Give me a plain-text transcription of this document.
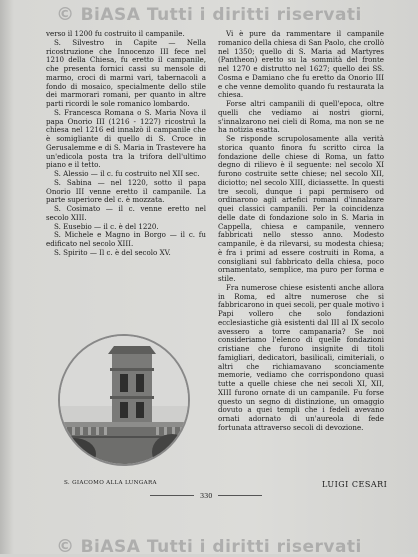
© BiASA Tutti i diritti riservati

verso il 1200 fu costruito il campanile.

S. Silvestro in Capite — Nella ricostruzione che Innocenzo III fece nel 1210 della Chiesa, fu eretto il campanile, che presenta fornici cassi su mensole di marmo, croci di marmi vari, tabernacoli a fondo di mosaico, specialmente dello stile dei marmorari romani, per quanto in altre parti ricordi le sole romanico lombardo.

S. Francesca Romana o S. Maria Nova il papa Onorio III (1216 - 1227) ricostruì la chiesa nel 1216 ed innalzò il campanile che è somigliante di quello di S. Croce in Gerusalemme e di S. Maria in Trastevere ha un'edicola posta tra la trifora dell'ultimo piano e il tetto.

S. Alessio — il c. fu costruito nel XII sec.

S. Sabina — nel 1220, sotto il papa Onorio III venne eretto il campanile. La parte superiore del c. è mozzata.

S. Cosimato — il c. venne eretto nel secolo XIII.

S. Eusebio — il c. è del 1220.

S. Michele e Magno in Borgo — il c. fu edificato nel secolo XIII.

S. Spirito — Il c. è del secolo XV.

Vi è pure da rammentare il campanile romanico della chiesa di San Paolo, che crollò nel 1350; quello di S. Maria ad Martyres (Pantheon) eretto su la sommità del fronte nel 1270 e distrutto nel 1627; quello dei SS. Cosma e Damiano che fu eretto da Onorio III e che venne demolito quando fu restaurata la chiesa.

Forse altri campanili di quell'epoca, oltre quelli che vediamo ai nostri giorni, s'innalzarono nei cieli di Roma, ma non se ne ha notizia esatta.

Se risponde scrupolosamente alla verità storica quanto finora fu scritto circa la fondazione delle chiese di Roma, un fatto degno di rilievo è il seguente: nel secolo XI furono costruite sette chiese; nel secolo XII, diciotto; nel secolo XIII, diciassette. In questi tre secoli, dunque i papi permisero od ordinarono agli artefici romani d'innalzare quei classici campanili. Per la coincidenza delle date di fondazione solo in S. Maria in Cappella, chiesa e campanile, vennero fabbricati nello stesso anno. Modesto campanile, è da rilevarsi, su modesta chiesa; è fra i primi ad essere costruiti in Roma, a consigliani sul fabbricato della chiesa, poco ornamentato, semplice, ma puro per forma e stile.

Fra numerose chiese esistenti anche allora in Roma, ed altre numerose che si fabbricarono in quei secoli, per quale motivo i Papi vollero che solo fondazioni ecclesiastiche già esistenti dal III al IX secolo avessero a torre campanaria? Se noi consideriamo l'elenco di quelle fondazioni cristiane che furono insignite di titoli famigliari, dedicatori, basilicali, cimiteriali, o altri che richiamavano sconciamente memorie, vediamo che corrispondono quasi tutte a quelle chiese che nei secoli XI, XII, XIII furono ornate di un campanile. Fu forse questo un segno di distinzione, un omaggio dovuto a quei templi che i fedeli avevano ornati adornato di un'aureola di fede fortunata attraverso secoli di devozione.

S. GIACOMO ALLA LUNGARA
330
LUIGI CESARI
© BiASA Tutti i diritti riservati
